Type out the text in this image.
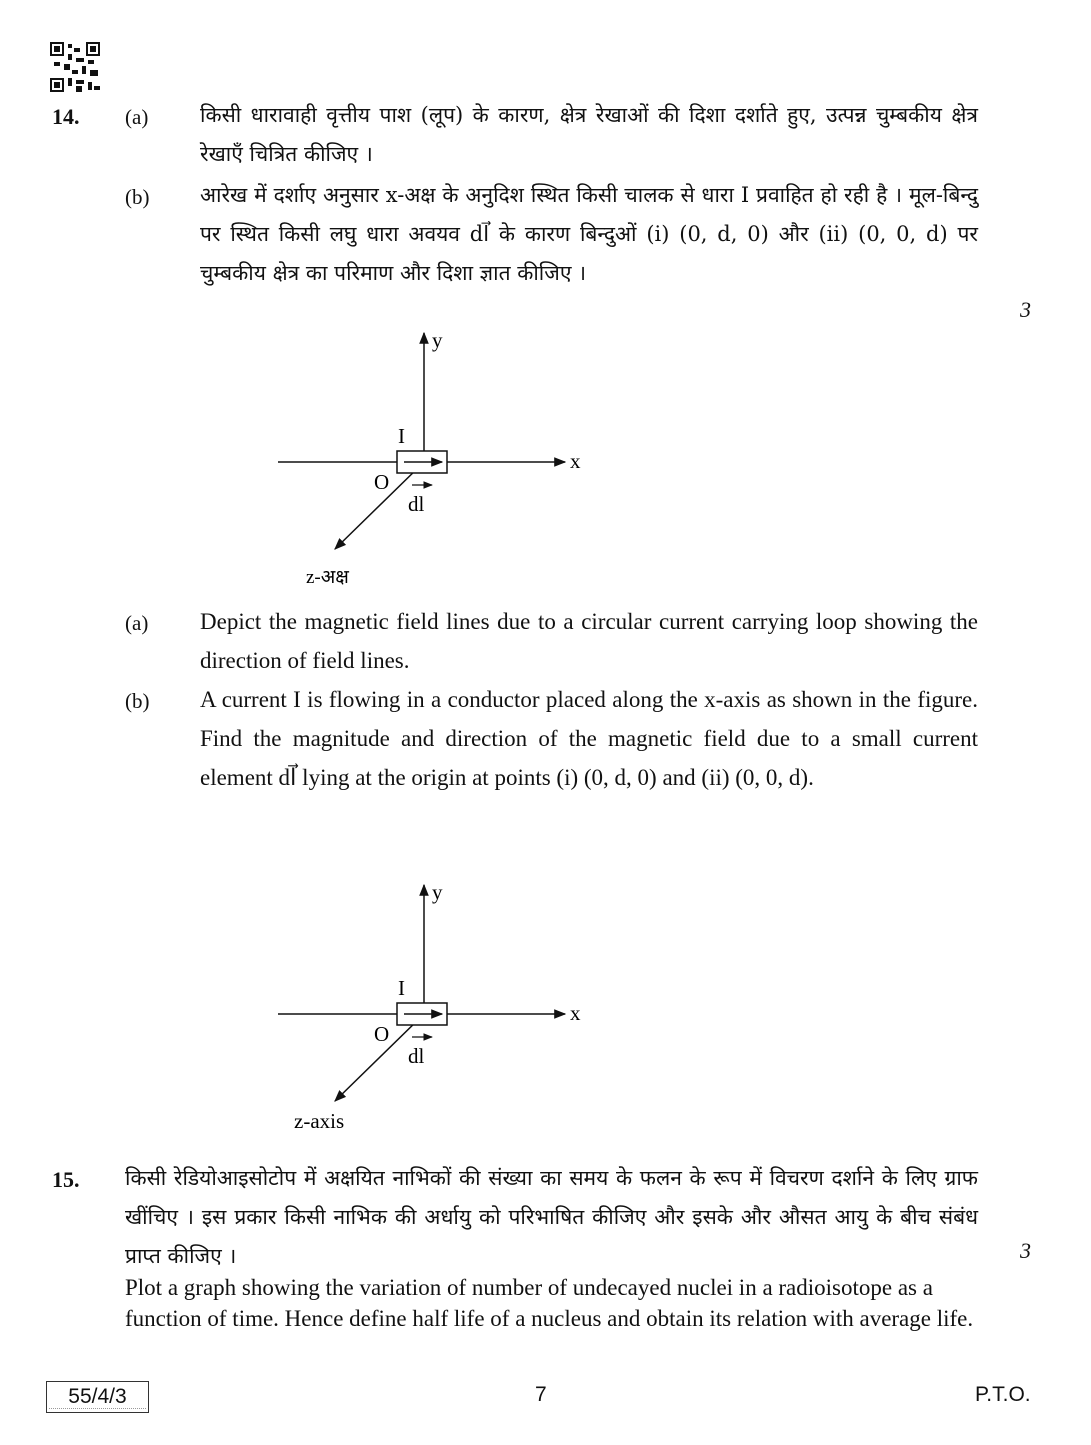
14. (a) किसी धारावाही वृत्तीय पाश (लूप) के कारण, क्षेत्र रेखाओं की दिशा दर्शाते हुए, उत्पन्न चुम्बकीय क्षेत्र रेखाएँ चित्रित कीजिए ।
(b) आरेख में दर्शाए अनुसार x-अक्ष के अनुदिश स्थित किसी चालक से धारा I प्रवाहित हो रही है । मूल-बिन्दु पर स्थित किसी लघु धारा अवयव dl⃗ के कारण बिन्दुओं (i) (0, d, 0) और (ii) (0, 0, d) पर चुम्बकीय क्षेत्र का परिमाण और दिशा ज्ञात कीजिए ।
3
y
x
I
O
dl
z-अक्ष
(a) Depict the magnetic field lines due to a circular current carrying loop showing the direction of field lines.
(b) A current I is flowing in a conductor placed along the x-axis as shown in the figure. Find the magnitude and direction of the magnetic field due to a small current element dl⃗ lying at the origin at points (i) (0, d, 0) and (ii) (0, 0, d).
y
x
I
O
dl
z-axis
15. किसी रेडियोआइसोटोप में अक्षयित नाभिकों की संख्या का समय के फलन के रूप में विचरण दर्शाने के लिए ग्राफ खींचिए । इस प्रकार किसी नाभिक की अर्धायु को परिभाषित कीजिए और इसके और औसत आयु के बीच संबंध प्राप्त कीजिए ।	3
Plot a graph showing the variation of number of undecayed nuclei in a radioisotope as a function of time. Hence define half life of a nucleus and obtain its relation with average life.
55/4/3	7	P.T.O.
